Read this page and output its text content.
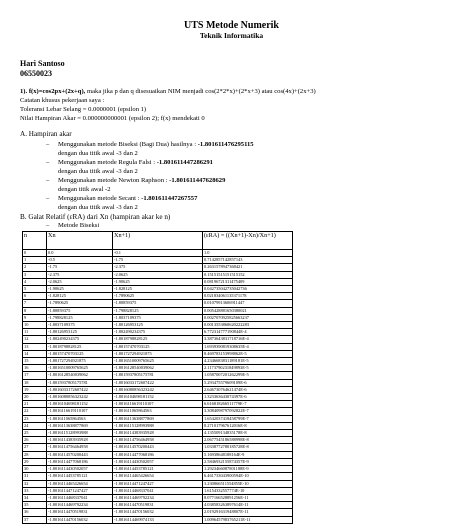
UTS Metode Numerik
Teknik Informatika
Hari Santoso
06550023
1). f(x)=cos2px+(2x+q), maka jika p dan q disesuaikan NIM menjadi cos(2*2*x)+(2*x+3) atau cos(4x)+(2x+3)
Catatan khusus pekerjaan saya :
Toleransi Lebar Selang = 0.0000001 (epsilon 1)
Nilai Hampiran Akar = 0.000000000001 (epsilon 2); f(x) mendekati 0
A. Hampiran akar
– Menggunakan metode Biseksi (Bagi Dua) hasilnya : -1.801611476295115
dengan dua titik awal -3 dan 2
– Menggunakan metode Regula Falsi : -1.801611447286291
dengan dua titik awal -3 dan 2
– Menggunakan metode Newton Raphson : -1.801611447628629
dengan titik awal -2
– Menggunakan metode Secant : -1.801611447267557
dengan dua titik awal -3 dan 2
B. Galat Relatif (εRA) dari Xn (hampiran akar ke n)
– Metode Biseksi
n	Xn	Xn+1)	(εRA) = ((Xn+1)-Xn)/Xn+1)
0	0.0	-0.1	1.0
1	-0.5	-1.75	0.7142857142857143
2	-1.75	-2.375	0.2631578947368421
3	-2.375	-2.0625	0.15151515151515152
4	-2.0625	-1.90625	0.08196721311475409
5	-1.90625	-1.828125	0.042735042735042736
6	-1.828125	-1.7890625	0.021834061135371178
7	-1.7890625	-1.80859375	0.01079913606911447
8	-1.80859375	-1.798828125	0.005428881650380021
9	-1.798828125	-1.8037109375	0.0027070925825663237
10	-1.8037109375	-1.80126953125	0.0013553860620222283
11	-1.80126953125	-1.802490234375	6.772314777190844E-4
12	-1.802490234375	-1.8018798828125	3.3873643831718716E-4
13	-1.8018798828125	-1.80157470703125	1.6939390819308635E-4
14	-1.80157470703125	-1.801727294921875	8.469783153998862E-5
15	-1.801727294921875	-1.8016510009765625	4.2346683831189181E-5
16	-1.8016510009765625	-1.8016128540039062	2.1173790231849893E-5
17	-1.8016128540039062	-1.8015937805175781	1.0587007201262299E-5
18	-1.8015937805175781	-1.8016033172607422	5.293475579609109E-6
19	-1.8016033172607422	-1.8016080856323242	2.646730764621474E-6
20	-1.8016080856323242	-1.8016104698181152	1.323363643074397E-6
21	-1.8016104698181152	-1.8016116619110107	6.616818266511779E-7
22	-1.8016116619110107	-1.801611065864563	3.3084098797092822E-7
23	-1.801611065864563	-1.8016113638877869	1.6542037418458799E-7
24	-1.8016113638877869	-1.8016115128993988	8.271017967612016E-8
25	-1.8016115128993988	-1.8016114383935928	4.135509134835178E-8
26	-1.8016114383935928	-1.8016114756464958	2.0677545186588998E-8
27	-1.8016114756464958	-1.8016114570200443	1.0338772780185728E-8
28	-1.8016114570200443	-1.8016114477068186	5.16938648188164E-9
29	-1.8016114477068186	-1.8016114430502057	2.5846932155874357E-9
30	-1.8016114430502057	-1.8016114453785121	1.2923466087801188E-9
31	-1.8016114453785121	-1.8016114465426654	6.461733043900594E-10
32	-1.8016114465426654	-1.8016114471247427	3.230866511554855E-10
33	-1.8016114471247427	-1.8016114468337041	1.6154332557774E-10
34	-1.8016114468337041	-1.8016114469792234	8.077166528891256E-11
35	-1.8016114469792234	-1.8016114470519831	4.038583263897614E-11
36	-1.8016114470519831	-1.8016114470156032	2.019291631948807E-11
37	-1.8016114470156032	-1.8016114469974133	1.0096457983765211E-11
